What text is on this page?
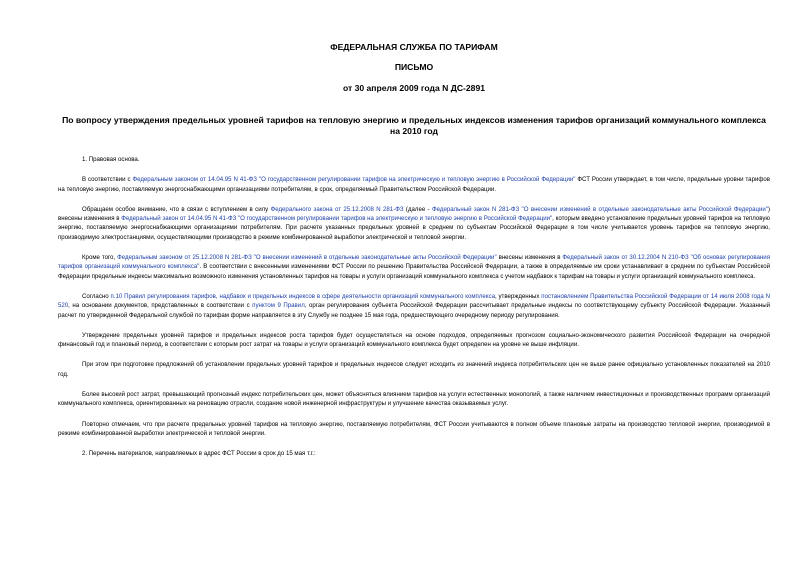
ФЕДЕРАЛЬНАЯ СЛУЖБА ПО ТАРИФАМ

ПИСЬМО

от 30 апреля 2009 года N ДС-2891

По вопросу утверждения предельных уровней тарифов на тепловую энергию и предельных индексов изменения тарифов организаций коммунального комплекса на 2010 год

1. Правовая основа.

В соответствии с Федеральным законом от 14.04.95 N 41-ФЗ "О государственном регулировании тарифов на электрическую и тепловую энергию в Российской Федерации" ФСТ России утверждает, в том числе, предельные уровни тарифов на тепловую энергию, поставляемую энергоснабжающими организациями потребителям, в срок, определяемый Правительством Российской Федерации.

Обращаем особое внимание, что в связи с вступлением в силу Федерального закона от 25.12.2008 N 281-ФЗ (далее - Федеральный закон N 281-ФЗ "О внесении изменений в отдельные законодательные акты Российской Федерации") внесены изменения в Федеральный закон от 14.04.95 N 41-ФЗ "О государственном регулировании тарифов на электрическую и тепловую энергию в Российской Федерации", которым введено установление предельных уровней тарифов на тепловую энергию, поставляемую энергоснабжающими организациями потребителям. При расчете указанных предельных уровней в среднем по субъектам Российской Федерации в том числе учитывается уровень тарифов на тепловую энергию, производимую электростанциями, осуществляющими производство в режиме комбинированной выработки электрической и тепловой энергии.

Кроме того, Федеральным законом от 25.12.2008 N 281-ФЗ "О внесении изменений в отдельные законодательные акты Российской Федерации" внесены изменения в Федеральный закон от 30.12.2004 N 210-ФЗ "Об основах регулирования тарифов организаций коммунального комплекса". В соответствии с внесенными изменениями ФСТ России по решению Правительства Российской Федерации, а также в определяемые им сроки устанавливает в среднем по субъектам Российской Федерации предельные индексы максимально возможного изменения установленных тарифов на товары и услуги организаций коммунального комплекса с учетом надбавок к тарифам на товары и услуги организаций коммунального комплекса.

Согласно п.10 Правил регулирования тарифов, надбавок и предельных индексов в сфере деятельности организаций коммунального комплекса, утвержденных постановлением Правительства Российской Федерации от 14 июля 2008 года N 520, на основании документов, представленных в соответствии с пунктом 9 Правил, орган регулирования субъекта Российской Федерации рассчитывает предельные индексы по соответствующему субъекту Российской Федерации. Указанный расчет по утвержденной Федеральной службой по тарифам форме направляется в эту Службу не позднее 15 мая года, предшествующего очередному периоду регулирования.

Утверждение предельных уровней тарифов и предельных индексов роста тарифов будет осуществляться на основе подходов, определяемых прогнозом социально-экономического развития Российской Федерации на очередной финансовый год и плановый период, в соответствии с которым рост затрат на товары и услуги организаций коммунального комплекса будет определен на уровне не выше инфляции.

При этом при подготовке предложений об установлении предельных уровней тарифов и предельных индексов следует исходить из значений индекса потребительских цен не выше ранее официально установленных показателей на 2010 год.

Более высокий рост затрат, превышающий прогнозный индекс потребительских цен, может объясняться влиянием тарифов на услуги естественных монополий, а также наличием инвестиционных и производственных программ организаций коммунального комплекса, ориентированных на реновацию отрасли, создание новой инженерной инфраструктуры и улучшение качества оказываемых услуг.

Повторно отмечаем, что при расчете предельных уровней тарифов на тепловую энергию, поставляемую потребителям, ФСТ России учитываются в полном объеме плановые затраты на производство тепловой энергии, производимой в режиме комбинированной выработки электрической и тепловой энергии.

2. Перечень материалов, направляемых в адрес ФСТ России в срок до 15 мая т.г.:
